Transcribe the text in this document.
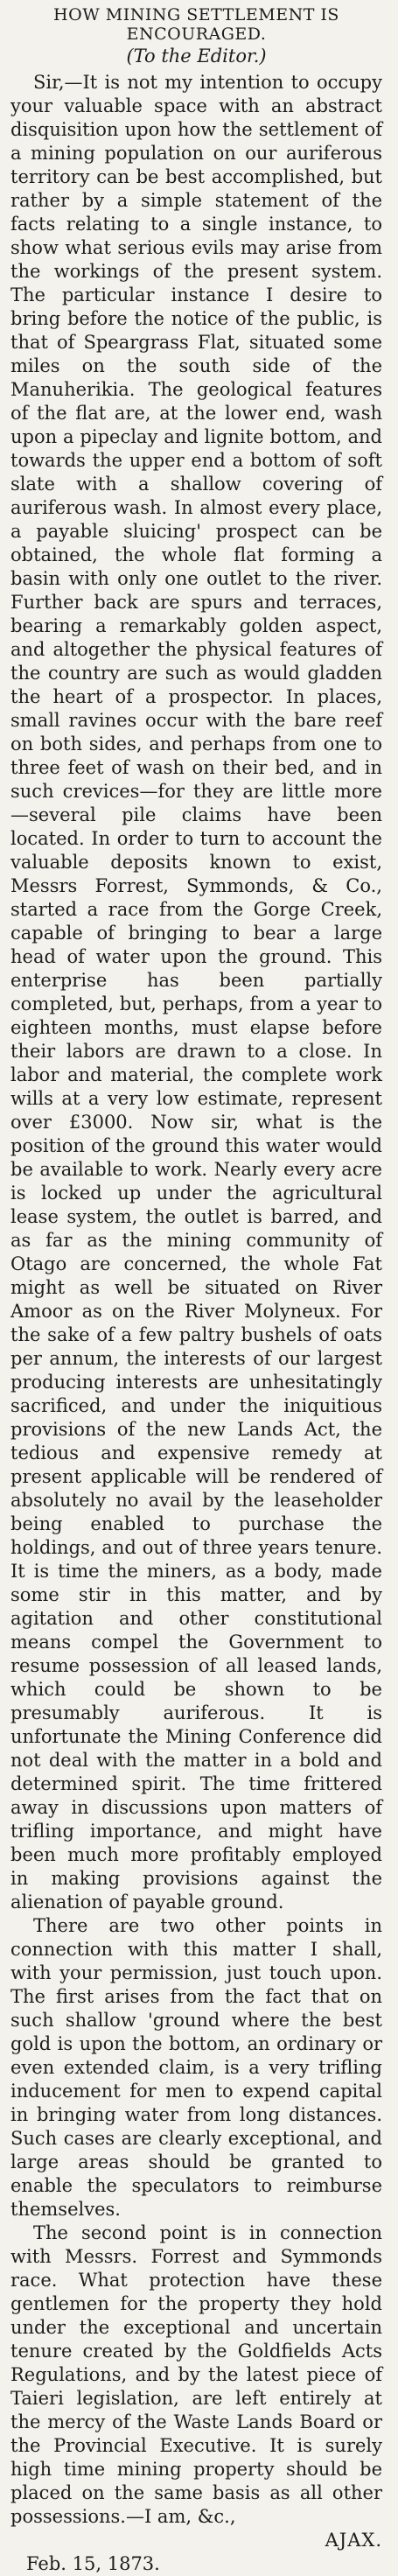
HOW MINING SETTLEMENT IS ENCOURAGED.
(To the Editor.)

Sir,—It is not my intention to occupy your valuable space with an abstract disquisition upon how the settlement of a mining population on our auriferous territory can be best accomplished, but rather by a simple statement of the facts relating to a single instance, to show what serious evils may arise from the workings of the present system. The particular instance I desire to bring before the notice of the public, is that of Speargrass Flat, situated some miles on the south side of the Manuherikia. The geological features of the flat are, at the lower end, wash upon a pipeclay and lignite bottom, and towards the upper end a bottom of soft slate with a shallow covering of auriferous wash. In almost every place, a payable sluicing' prospect can be obtained, the whole flat forming a basin with only one outlet to the river. Further back are spurs and terraces, bearing a remarkably golden aspect, and altogether the physical features of the country are such as would gladden the heart of a prospector. In places, small ravines occur with the bare reef on both sides, and perhaps from one to three feet of wash on their bed, and in such crevices—for they are little more—several pile claims have been located. In order to turn to account the valuable deposits known to exist, Messrs Forrest, Symmonds, & Co., started a race from the Gorge Creek, capable of bringing to bear a large head of water upon the ground. This enterprise has been partially completed, but, perhaps, from a year to eighteen months, must elapse before their labors are drawn to a close. In labor and material, the complete work wills at a very low estimate, represent over £3000. Now sir, what is the position of the ground this water would be available to work. Nearly every acre is locked up under the agricultural lease system, the outlet is barred, and as far as the mining community of Otago are concerned, the whole Fat might as well be situated on River Amoor as on the River Molyneux. For the sake of a few paltry bushels of oats per annum, the interests of our largest producing interests are unhesitatingly sacrificed, and under the iniquitious provisions of the new Lands Act, the tedious and expensive remedy at present applicable will be rendered of absolutely no avail by the leaseholder being enabled to purchase the holdings, and out of three years tenure. It is time the miners, as a body, made some stir in this matter, and by agitation and other constitutional means compel the Government to resume possession of all leased lands, which could be shown to be presumably auriferous. It is unfortunate the Mining Conference did not deal with the matter in a bold and determined spirit. The time frittered away in discussions upon matters of trifling importance, and might have been much more profitably employed in making provisions against the alienation of payable ground.

There are two other points in connection with this matter I shall, with your permission, just touch upon. The first arises from the fact that on such shallow 'ground where the best gold is upon the bottom, an ordinary or even extended claim, is a very trifling inducement for men to expend capital in bringing water from long distances. Such cases are clearly exceptional, and large areas should be granted to enable the speculators to reimburse themselves.

The second point is in connection with Messrs. Forrest and Symmonds race. What protection have these gentlemen for the property they hold under the exceptional and uncertain tenure created by the Goldfields Acts Regulations, and by the latest piece of Taieri legislation, are left entirely at the mercy of the Waste Lands Board or the Provincial Executive. It is surely high time mining property should be placed on the same basis as all other possessions.—I am, &c.,

AJAX.
Feb. 15, 1873.
